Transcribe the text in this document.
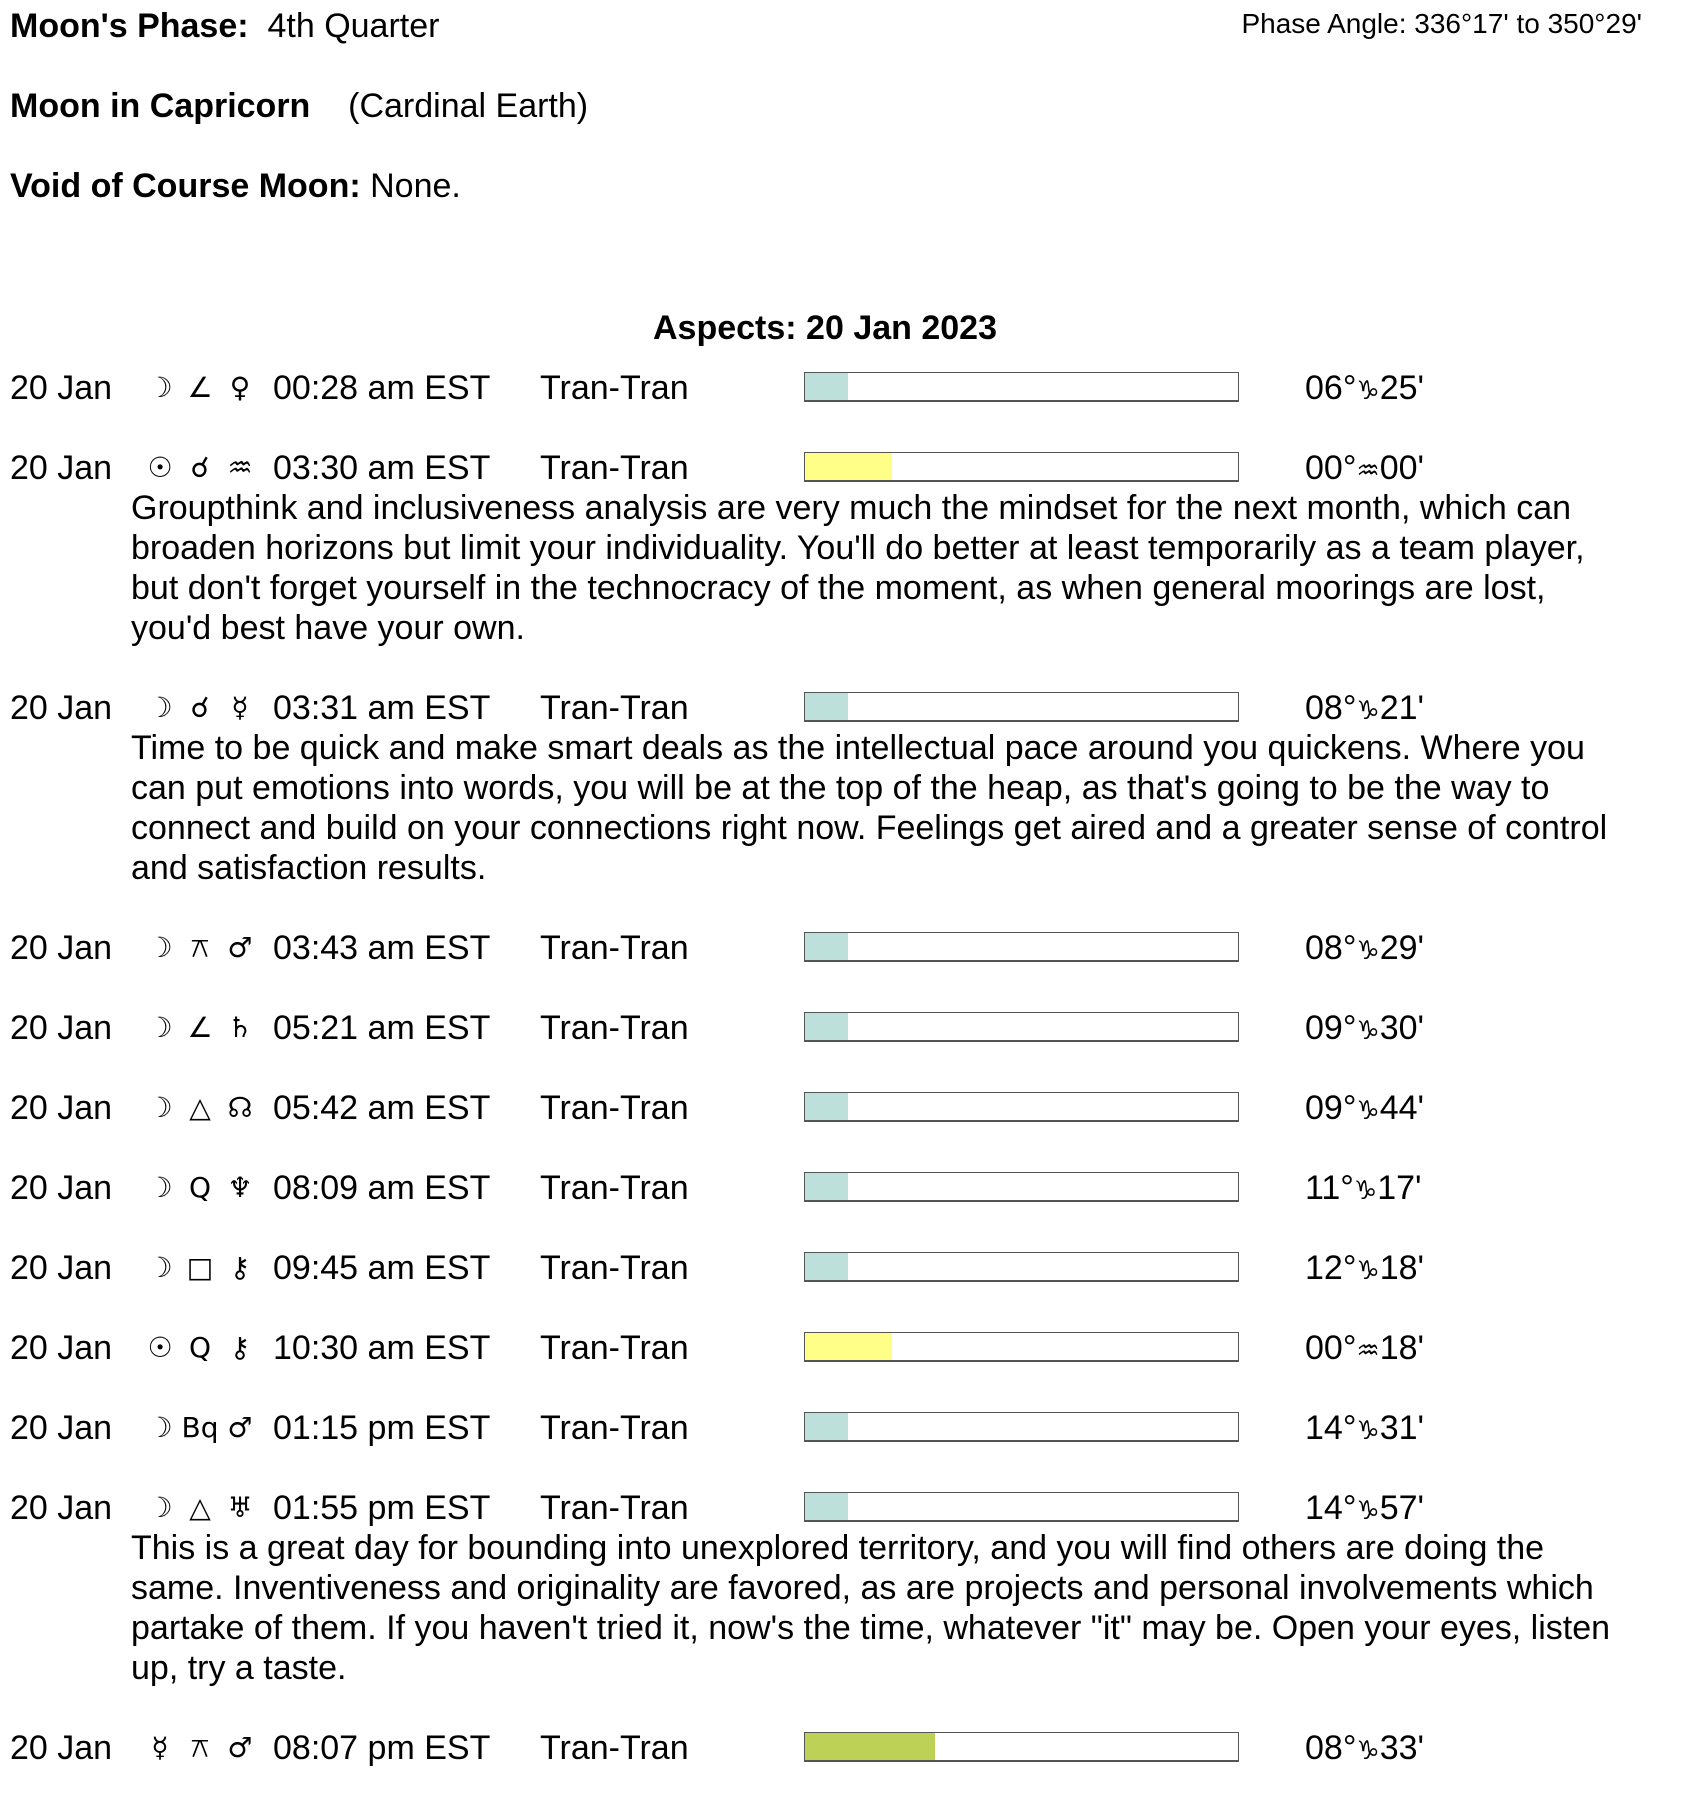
Moon's Phase: 4th Quarter	Phase Angle: 336°17' to 350°29'
Moon in Capricorn (Cardinal Earth)
Void of Course Moon: None.
Aspects: 20 Jan 2023
20 Jan ☽ ∠ ♀ 00:28 am EST Tran-Tran	06°♑25'
20 Jan ☉ ☌ ♒ 03:30 am EST Tran-Tran	00°♒00'
Groupthink and inclusiveness analysis are very much the mindset for the next month, which can broaden horizons but limit your individuality. You'll do better at least temporarily as a team player, but don't forget yourself in the technocracy of the moment, as when general moorings are lost, you'd best have your own.
20 Jan ☽ ☌ ☿ 03:31 am EST Tran-Tran	08°♑21'
Time to be quick and make smart deals as the intellectual pace around you quickens. Where you can put emotions into words, you will be at the top of the heap, as that's going to be the way to connect and build on your connections right now. Feelings get aired and a greater sense of control and satisfaction results.
20 Jan ☽ ⚻ ♂ 03:43 am EST Tran-Tran	08°♑29'
20 Jan ☽ ∠ ♄ 05:21 am EST Tran-Tran	09°♑30'
20 Jan ☽ △ ☊ 05:42 am EST Tran-Tran	09°♑44'
20 Jan ☽ Q ♆ 08:09 am EST Tran-Tran	11°♑17'
20 Jan ☽ □ ⚷ 09:45 am EST Tran-Tran	12°♑18'
20 Jan ☉ Q ⚷ 10:30 am EST Tran-Tran	00°♒18'
20 Jan ☽ Bq ♂ 01:15 pm EST Tran-Tran	14°♑31'
20 Jan ☽ △ ♅ 01:55 pm EST Tran-Tran	14°♑57'
This is a great day for bounding into unexplored territory, and you will find others are doing the same. Inventiveness and originality are favored, as are projects and personal involvements which partake of them. If you haven't tried it, now's the time, whatever "it" may be. Open your eyes, listen up, try a taste.
20 Jan	☿ ⚻ ♂ 08:07 pm EST Tran-Tran	08°♑33'
